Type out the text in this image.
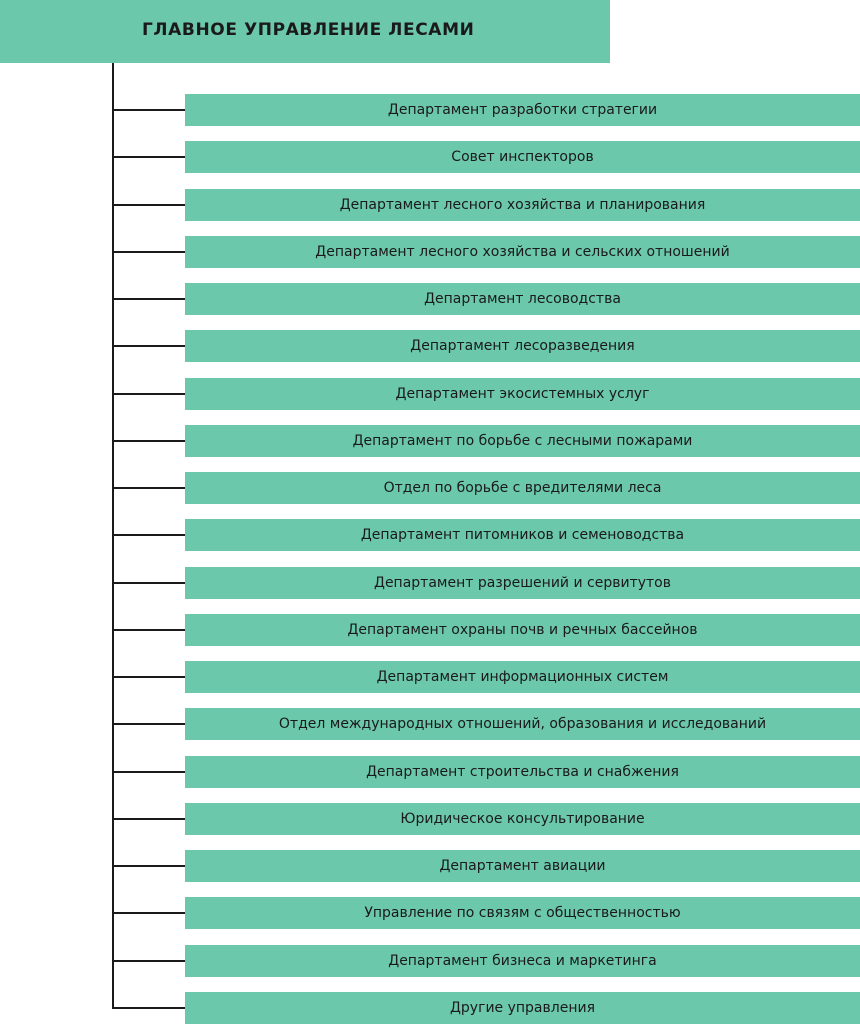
ГЛАВНОЕ УПРАВЛЕНИЕ ЛЕСАМИ
Департамент разработки стратегии
Совет инспекторов
Департамент лесного хозяйства и планирования
Департамент лесного хозяйства и сельских отношений
Департамент лесоводства
Департамент лесоразведения
Департамент экосистемных услуг
Департамент по борьбе с лесными пожарами
Отдел по борьбе с вредителями леса
Департамент питомников и семеноводства
Департамент разрешений и сервитутов
Департамент охраны почв и речных бассейнов
Департамент информационных систем
Отдел международных отношений, образования и исследований
Департамент строительства и снабжения
Юридическое консультирование
Департамент авиации
Управление по связям с общественностью
Департамент бизнеса и маркетинга
Другие управления
